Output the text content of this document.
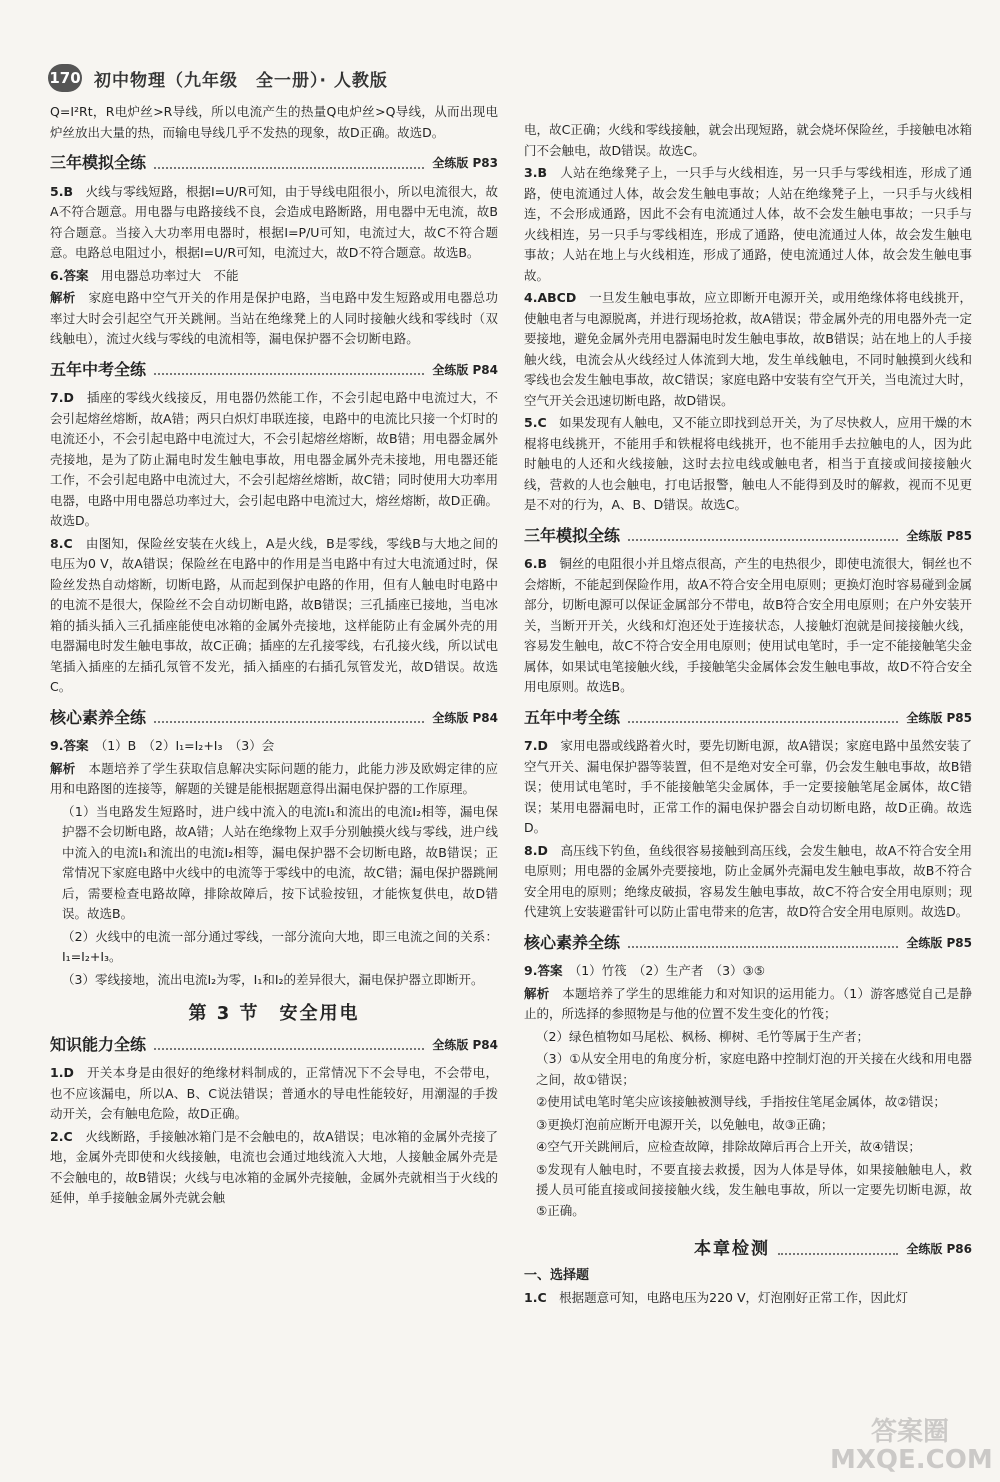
170 初中物理（九年级　全一册）· 人教版

Q=I²Rt，R电炉丝>R导线，所以电流产生的热量Q电炉丝>Q导线，从而出现电炉丝放出大量的热，而输电导线几乎不发热的现象，故D正确。故选D。

三年模拟全练	全练版 P83

5.B　 火线与零线短路，根据I=U/R可知，由于导线电阻很小，所以电流很大，故A不符合题意。用电器与电路接线不良，会造成电路断路，用电器中无电流，故B符合题意。当接入大功率用电器时，根据I=P/U可知，电流过大，故C不符合题意。电路总电阻过小，根据I=U/R可知，电流过大，故D不符合题意。故选B。

6.答案　 用电器总功率过大　不能

解析　 家庭电路中空气开关的作用是保护电路，当电路中发生短路或用电器总功率过大时会引起空气开关跳闸。当站在绝缘凳上的人同时接触火线和零线时（双线触电），流过火线与零线的电流相等，漏电保护器不会切断电路。

五年中考全练	全练版 P84

7.D　 插座的零线火线接反，用电器仍然能工作，不会引起电路中电流过大，不会引起熔丝熔断，故A错；两只白炽灯串联连接，电路中的电流比只接一个灯时的电流还小，不会引起电路中电流过大，不会引起熔丝熔断，故B错；用电器金属外壳接地，是为了防止漏电时发生触电事故，用电器金属外壳未接地，用电器还能工作，不会引起电路中电流过大，不会引起熔丝熔断，故C错；同时使用大功率用电器，电路中用电器总功率过大，会引起电路中电流过大，熔丝熔断，故D正确。故选D。

8.C　 由图知，保险丝安装在火线上，A是火线，B是零线，零线B与大地之间的电压为0 V，故A错误；保险丝在电路中的作用是当电路中有过大电流通过时，保险丝发热自动熔断，切断电路，从而起到保护电路的作用，但有人触电时电路中的电流不是很大，保险丝不会自动切断电路，故B错误；三孔插座已接地，当电冰箱的插头插入三孔插座能使电冰箱的金属外壳接地，这样能防止有金属外壳的用电器漏电时发生触电事故，故C正确；插座的左孔接零线，右孔接火线，所以试电笔插入插座的左插孔氖管不发光，插入插座的右插孔氖管发光，故D错误。故选C。

核心素养全练	全练版 P84

9.答案　 （1）B　（2）I₁=I₂+I₃　（3）会

解析　 本题培养了学生获取信息解决实际问题的能力，此能力涉及欧姆定律的应用和电路图的连接等，解题的关键是能根据题意得出漏电保护器的工作原理。

（1）当电路发生短路时，进户线中流入的电流I₁和流出的电流I₂相等，漏电保护器不会切断电路，故A错；人站在绝缘物上双手分别触摸火线与零线，进户线中流入的电流I₁和流出的电流I₂相等，漏电保护器不会切断电路，故B错误；正常情况下家庭电路中火线中的电流等于零线中的电流，故C错；漏电保护器跳闸后，需要检查电路故障，排除故障后，按下试验按钮，才能恢复供电，故D错误。故选B。

（2）火线中的电流一部分通过零线，一部分流向大地，即三电流之间的关系：I₁=I₂+I₃。

（3）零线接地，流出电流I₂为零，I₁和I₂的差异很大，漏电保护器立即断开。

第 3 节　安全用电
知识能力全练	全练版 P84

1.D　 开关本身是由很好的绝缘材料制成的，正常情况下不会导电，不会带电，也不应该漏电，所以A、B、C说法错误；普通水的导电性能较好，用潮湿的手拨动开关，会有触电危险，故D正确。

2.C　 火线断路，手接触冰箱门是不会触电的，故A错误；电冰箱的金属外壳接了地，金属外壳即使和火线接触，电流也会通过地线流入大地，人接触金属外壳是不会触电的，故B错误；火线与电冰箱的金属外壳接触，金属外壳就相当于火线的延伸，单手接触金属外壳就会触

电，故C正确；火线和零线接触，就会出现短路，就会烧坏保险丝，手接触电冰箱门不会触电，故D错误。故选C。

3.B　 人站在绝缘凳子上，一只手与火线相连，另一只手与零线相连，形成了通路，使电流通过人体，故会发生触电事故；人站在绝缘凳子上，一只手与火线相连，不会形成通路，因此不会有电流通过人体，故不会发生触电事故；一只手与火线相连，另一只手与零线相连，形成了通路，使电流通过人体，故会发生触电事故；人站在地上与火线相连，形成了通路，使电流通过人体，故会发生触电事故。

4.ABCD　 一旦发生触电事故，应立即断开电源开关，或用绝缘体将电线挑开，使触电者与电源脱离，并进行现场抢救，故A错误；带金属外壳的用电器外壳一定要接地，避免金属外壳用电器漏电时发生触电事故，故B错误；站在地上的人手接触火线，电流会从火线经过人体流到大地，发生单线触电，不同时触摸到火线和零线也会发生触电事故，故C错误；家庭电路中安装有空气开关，当电流过大时，空气开关会迅速切断电路，故D错误。

5.C　 如果发现有人触电，又不能立即找到总开关，为了尽快救人，应用干燥的木棍将电线挑开，不能用手和铁棍将电线挑开，也不能用手去拉触电的人，因为此时触电的人还和火线接触，这时去拉电线或触电者，相当于直接或间接接触火线，营救的人也会触电，打电话报警，触电人不能得到及时的解救，视而不见更是不对的行为，A、B、D错误。故选C。

三年模拟全练	全练版 P85

6.B　 铜丝的电阻很小并且熔点很高，产生的电热很少，即使电流很大，铜丝也不会熔断，不能起到保险作用，故A不符合安全用电原则；更换灯泡时容易碰到金属部分，切断电源可以保证金属部分不带电，故B符合安全用电原则；在户外安装开关，当断开开关，火线和灯泡还处于连接状态，人接触灯泡就是间接接触火线，容易发生触电，故C不符合安全用电原则；使用试电笔时，手一定不能接触笔尖金属体，如果试电笔接触火线，手接触笔尖金属体会发生触电事故，故D不符合安全用电原则。故选B。

五年中考全练	全练版 P85

7.D　 家用电器或线路着火时，要先切断电源，故A错误；家庭电路中虽然安装了空气开关、漏电保护器等装置，但不是绝对安全可靠，仍会发生触电事故，故B错误；使用试电笔时，手不能接触笔尖金属体，手一定要接触笔尾金属体，故C错误；某用电器漏电时，正常工作的漏电保护器会自动切断电路，故D正确。故选D。

8.D　 高压线下钓鱼，鱼线很容易接触到高压线，会发生触电，故A不符合安全用电原则；用电器的金属外壳要接地，防止金属外壳漏电发生触电事故，故B不符合安全用电的原则；绝缘皮破损，容易发生触电事故，故C不符合安全用电原则；现代建筑上安装避雷针可以防止雷电带来的危害，故D符合安全用电原则。故选D。

核心素养全练	全练版 P85

9.答案　 （1）竹筏　（2）生产者　（3）③⑤

解析　 本题培养了学生的思维能力和对知识的运用能力。（1）游客感觉自己是静止的，所选择的参照物是与他的位置不发生变化的竹筏；

（2）绿色植物如马尾松、枫杨、柳树、毛竹等属于生产者；

（3）①从安全用电的角度分析，家庭电路中控制灯泡的开关接在火线和用电器之间，故①错误；

②使用试电笔时笔尖应该接触被测导线，手指按住笔尾金属体，故②错误；

③更换灯泡前应断开电源开关，以免触电，故③正确；

④空气开关跳闸后，应检查故障，排除故障后再合上开关，故④错误；

⑤发现有人触电时，不要直接去救援，因为人体是导体，如果接触触电人，救援人员可能直接或间接接触火线，发生触电事故，所以一定要先切断电源，故⑤正确。

本章检测	全练版 P86
一、选择题

1.C　 根据题意可知，电路电压为220 V，灯泡刚好正常工作，因此灯

答案圈 MXQE.COM
